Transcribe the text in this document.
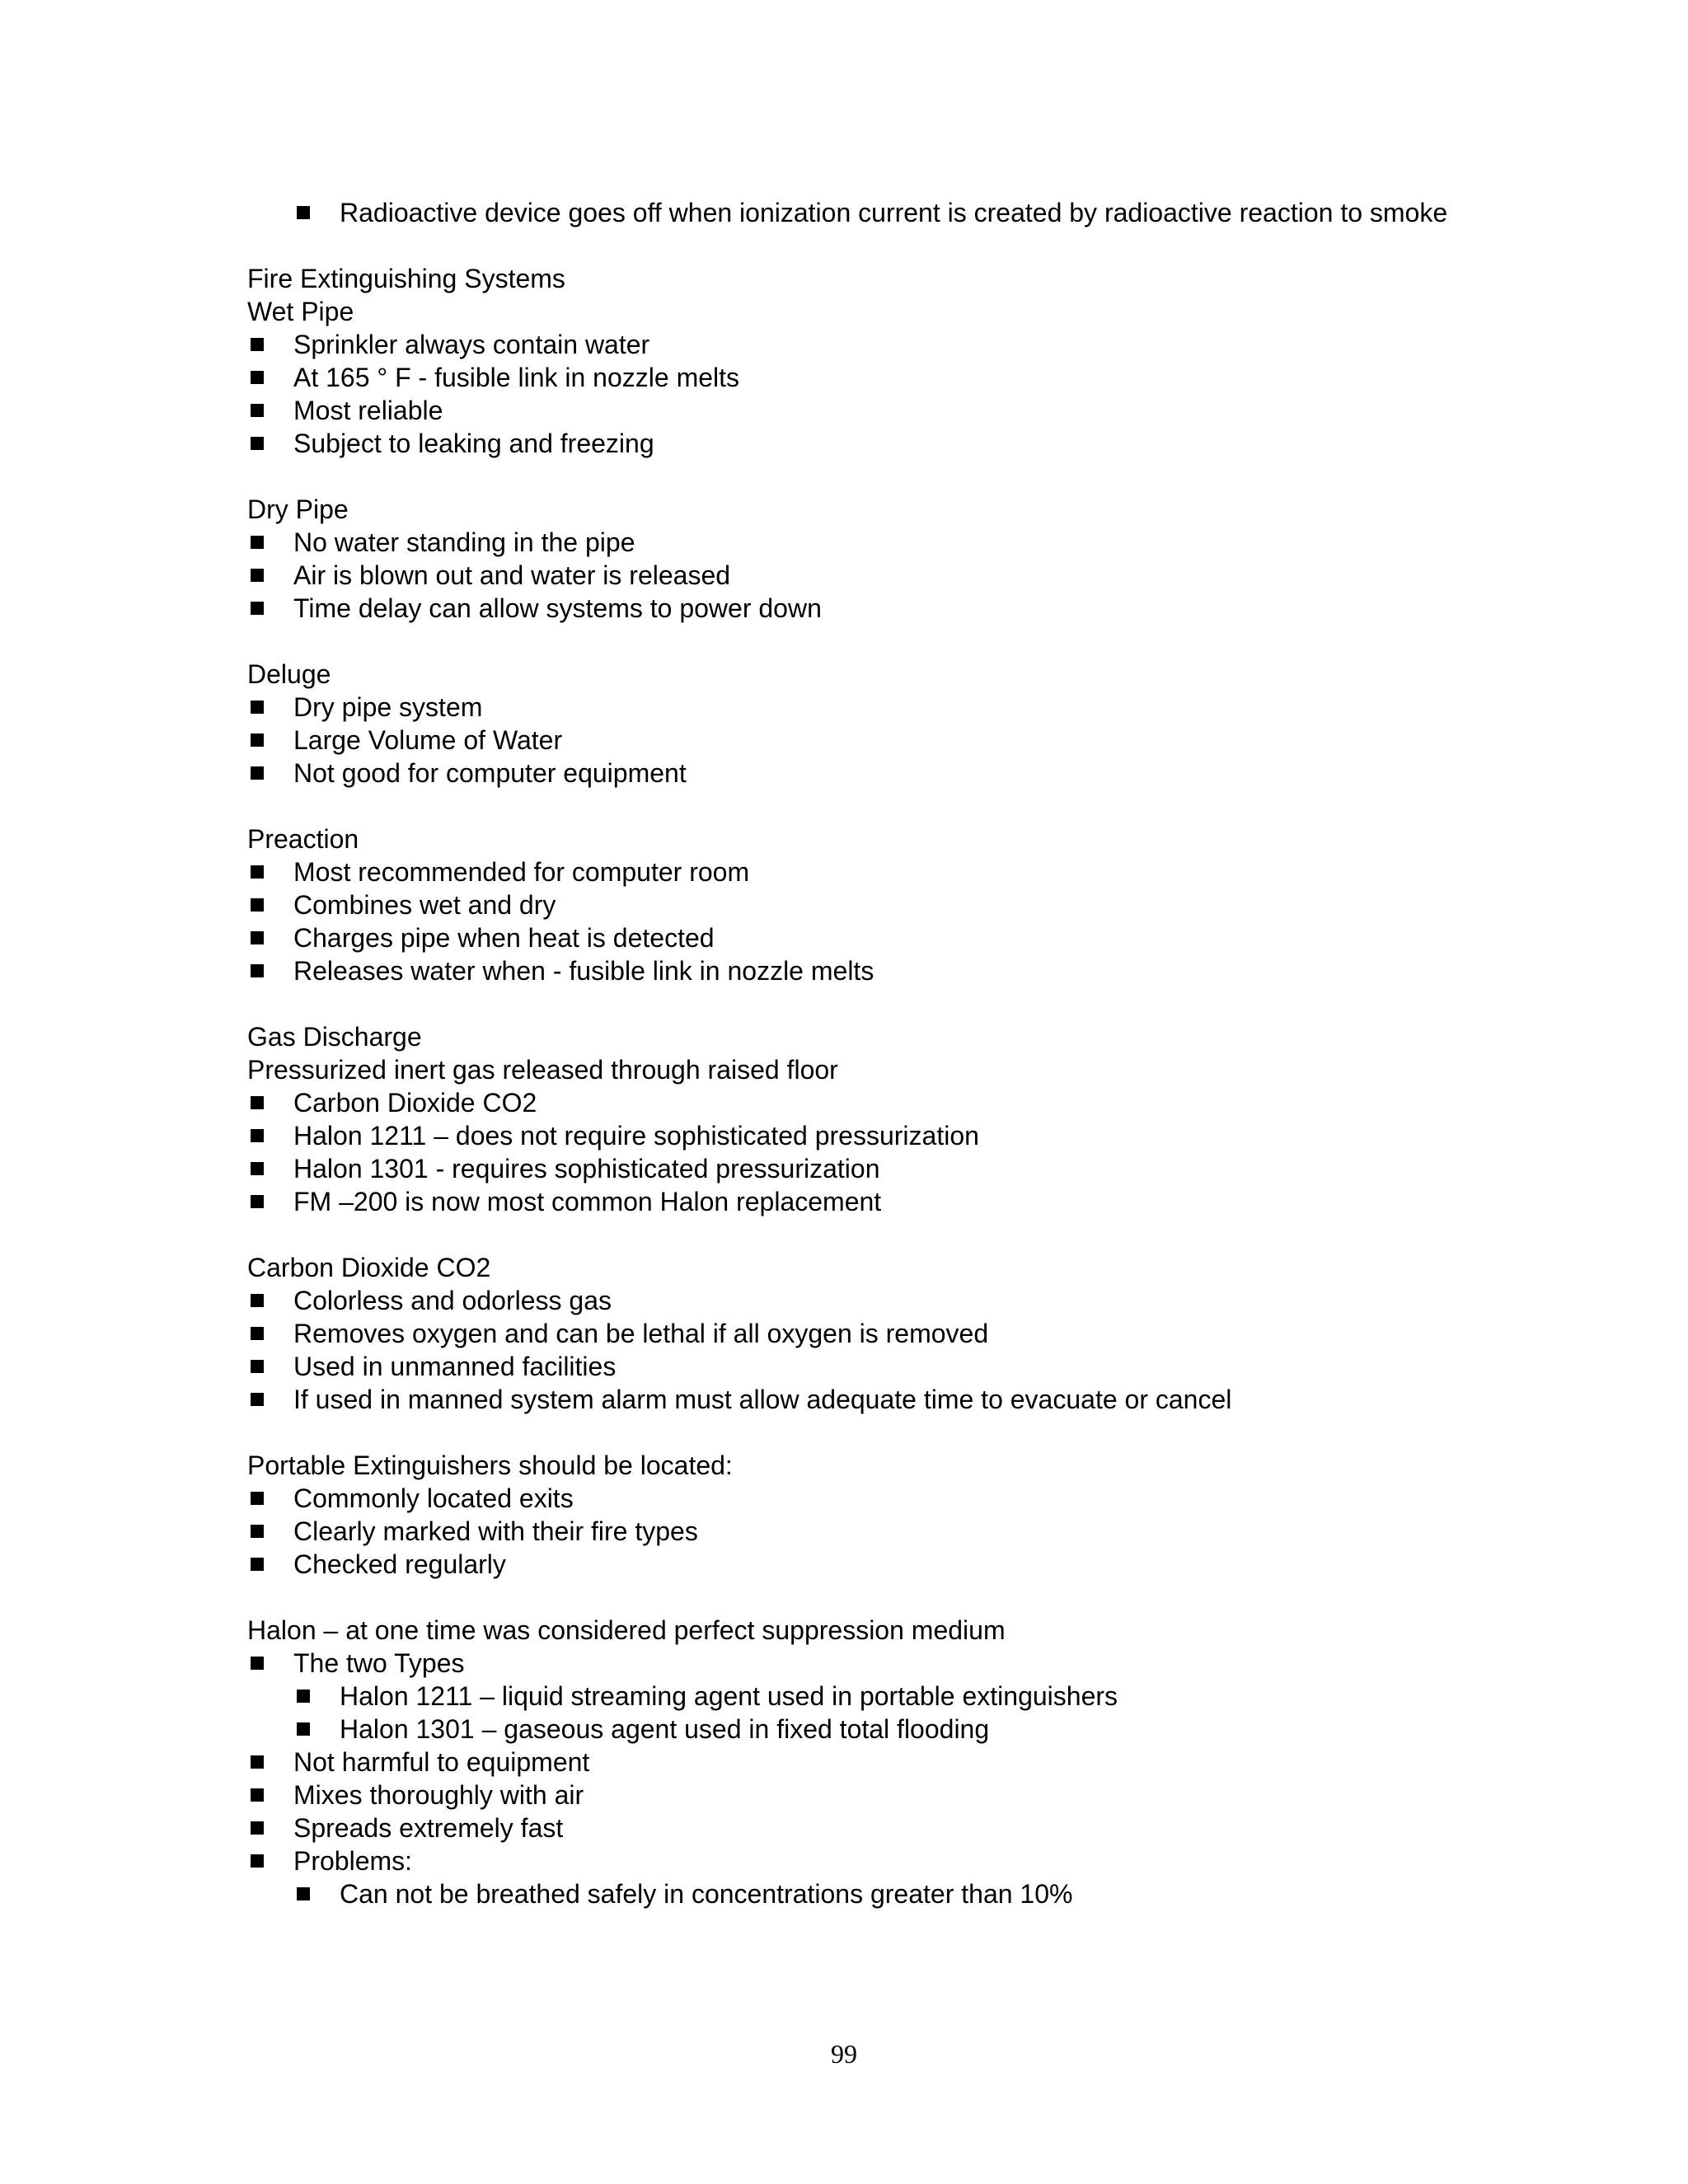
Radioactive device goes off when ionization current is created by radioactive reaction to smoke
Fire Extinguishing Systems
Wet Pipe
Sprinkler always contain water
At 165 ° F - fusible link in nozzle melts
Most reliable
Subject to leaking and freezing
Dry Pipe
No water standing in the pipe
Air is blown out and water is released
Time delay can allow systems to power down
Deluge
Dry pipe system
Large Volume of Water
Not good for computer equipment
Preaction
Most recommended for computer room
Combines wet and dry
Charges pipe when heat is detected
Releases water when - fusible link in nozzle melts
Gas Discharge
Pressurized inert gas released through raised floor
Carbon Dioxide CO2
Halon 1211 – does not require sophisticated pressurization
Halon 1301 - requires sophisticated pressurization
FM –200 is now most common Halon replacement
Carbon Dioxide CO2
Colorless and odorless gas
Removes oxygen and can be lethal if all oxygen is removed
Used in unmanned facilities
If used in manned system alarm must allow adequate time to evacuate or cancel
Portable Extinguishers should be located:
Commonly located exits
Clearly marked with their fire types
Checked regularly
Halon – at one time was considered perfect suppression medium
The two Types
Halon 1211 – liquid streaming agent used in portable extinguishers
Halon 1301 – gaseous agent used in fixed total flooding
Not harmful to equipment
Mixes thoroughly with air
Spreads extremely fast
Problems:
Can not be breathed safely in concentrations greater than 10%
99
